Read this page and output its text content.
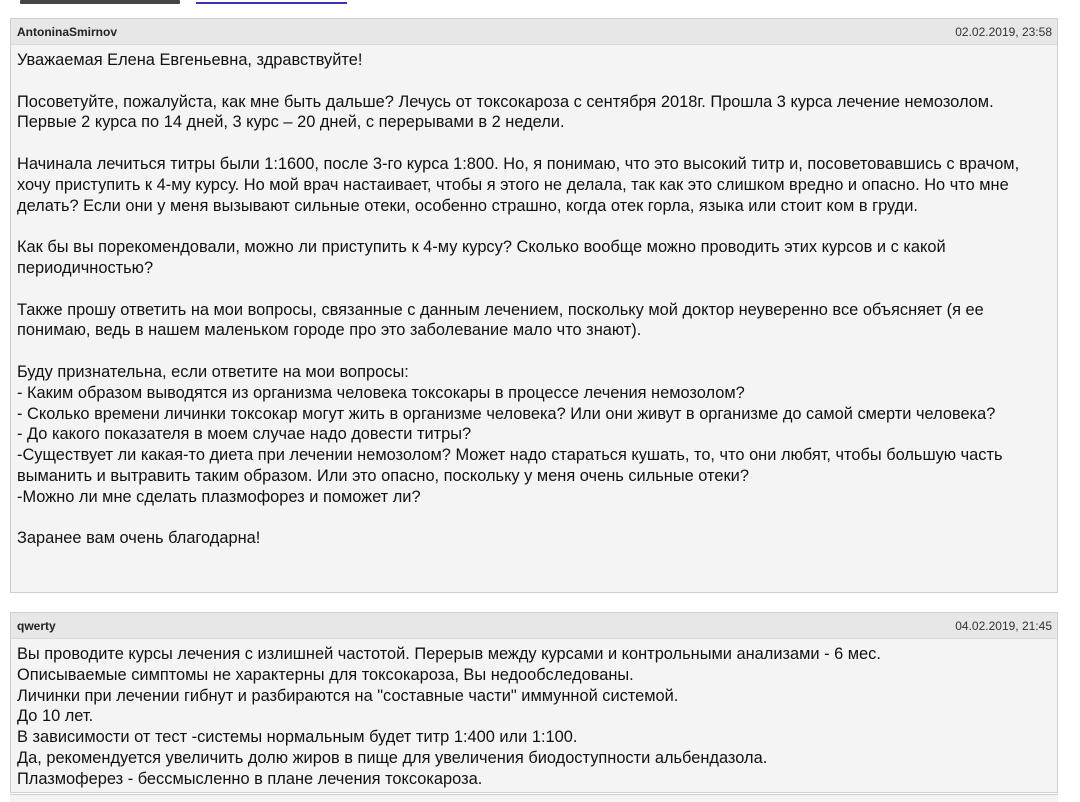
AntoninaSmirnov	02.02.2019, 23:58
Уважаемая Елена Евгеньевна, здравствуйте!

Посоветуйте, пожалуйста, как мне быть дальше? Лечусь от токсокароза с сентября 2018г. Прошла 3 курса лечение немозолом. Первые 2 курса по 14 дней, 3 курс – 20 дней, с перерывами в 2 недели.

Начинала лечиться титры были 1:1600, после 3-го курса 1:800. Но, я понимаю, что это высокий титр и, посоветовавшись с врачом, хочу приступить к 4-му курсу. Но мой врач настаивает, чтобы я этого не делала, так как это слишком вредно и опасно. Но что мне делать? Если они у меня вызывают сильные отеки, особенно страшно, когда отек горла, языка или стоит ком в груди.

Как бы вы порекомендовали, можно ли приступить к 4-му курсу? Сколько вообще можно проводить этих курсов и с какой периодичностью?

Также прошу ответить на мои вопросы, связанные с данным лечением, поскольку мой доктор неуверенно все объясняет (я ее понимаю, ведь в нашем маленьком городе про это заболевание мало что знают).

Буду признательна, если ответите на мои вопросы:
- Каким образом выводятся из организма человека токсокары в процессе лечения немозолом?
- Сколько времени личинки токсокар могут жить в организме человека? Или они живут в организме до самой смерти человека?
- До какого показателя в моем случае надо довести титры?
-Существует ли какая-то диета при лечении немозолом? Может надо стараться кушать, то, что они любят, чтобы большую часть выманить и вытравить таким образом. Или это опасно, поскольку у меня очень сильные отеки?
-Можно ли мне сделать плазмофорез и поможет ли?

Заранее вам очень благодарна!
qwerty	04.02.2019, 21:45
Вы проводите курсы лечения с излишней частотой. Перерыв между курсами и контрольными анализами - 6 мес.
Описываемые симптомы не характерны для токсокароза, Вы недообследованы.
Личинки при лечении гибнут и разбираются на "составные части" иммунной системой.
До 10 лет.
В зависимости от тест -системы нормальным будет титр 1:400 или 1:100.
Да, рекомендуется увеличить долю жиров в пище для увеличения биодоступности альбендазола.
Плазмоферез - бессмысленно в плане лечения токсокароза.
